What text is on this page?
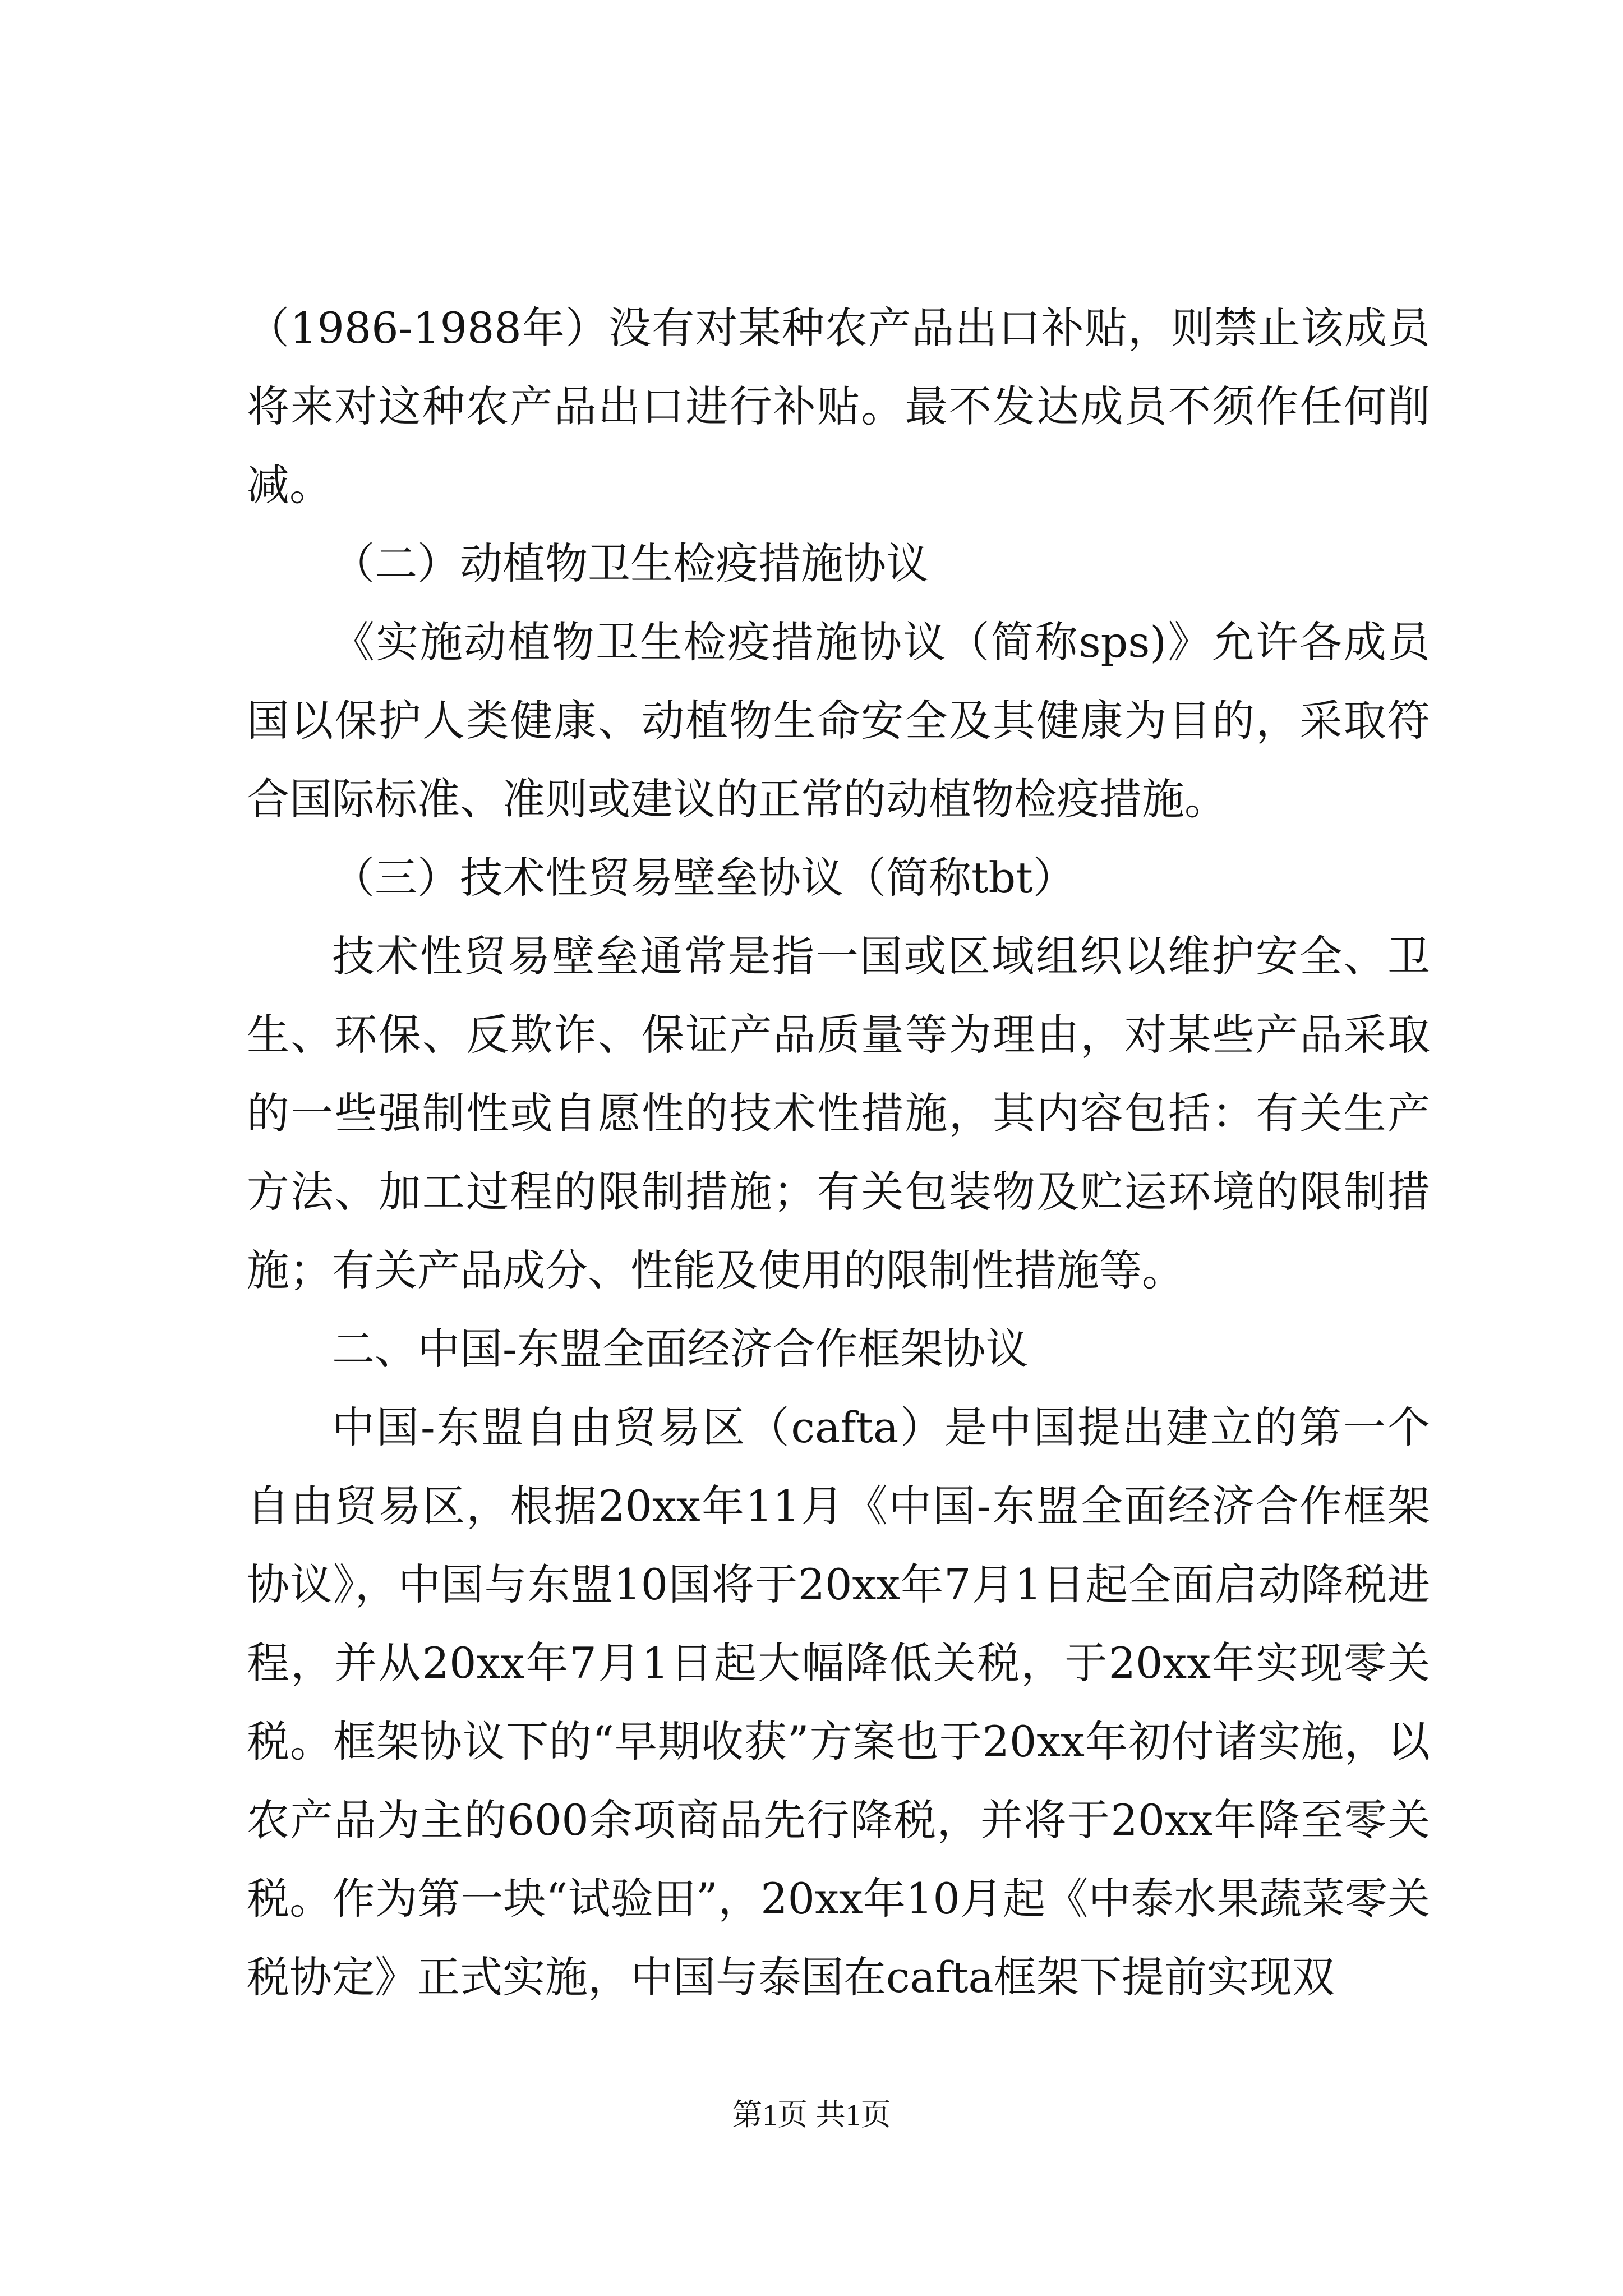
（1986-1988年）没有对某种农产品出口补贴，则禁止该成员将来对这种农产品出口进行补贴。最不发达成员不须作任何削减。

（二）动植物卫生检疫措施协议

《实施动植物卫生检疫措施协议（简称sps)》允许各成员国以保护人类健康、动植物生命安全及其健康为目的，采取符合国际标准、准则或建议的正常的动植物检疫措施。

（三）技术性贸易壁垒协议（简称tbt）

技术性贸易壁垒通常是指一国或区域组织以维护安全、卫生、环保、反欺诈、保证产品质量等为理由，对某些产品采取的一些强制性或自愿性的技术性措施，其内容包括：有关生产方法、加工过程的限制措施；有关包装物及贮运环境的限制措施；有关产品成分、性能及使用的限制性措施等。

二、中国-东盟全面经济合作框架协议

中国-东盟自由贸易区（cafta）是中国提出建立的第一个自由贸易区，根据20xx年11月《中国-东盟全面经济合作框架协议》，中国与东盟10国将于20xx年7月1日起全面启动降税进程，并从20xx年7月1日起大幅降低关税，于20xx年实现零关税。框架协议下的“早期收获”方案也于20xx年初付诸实施，以农产品为主的600余项商品先行降税，并将于20xx年降至零关税。作为第一块“试验田”，20xx年10月起《中泰水果蔬菜零关税协定》正式实施，中国与泰国在cafta框架下提前实现双

第1页 共1页
